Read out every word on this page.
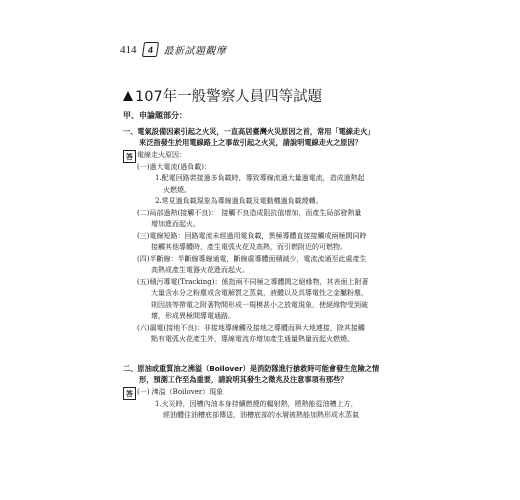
414 4 最新試題觀摩
107年一般警察人員四等試題
甲、申論題部分：
一、電氣設備因素引起之火災，一直高居臺灣火災原因之首，常用「電線走火」
來泛指發生於用電線路上之事故引起之火災，請說明電線走火之原因？
答 電線走火原因：
(一)過大電流(過負載)：
1.配電回路裝接過多負載時，導致導線流通大量過電流，造成過熱起
火燃燒。
2.常見過負載現象為導線過負載及電動機過負載燒轉。
(二)局部過熱(接觸不良)：　接觸不良造成阻抗值增加，而產生局部發熱量
增加進而起火。
(三)電線短路：回路電流未經過用電負載，異極導體直接接觸或兩極間同時
接觸其他導體時，產生電弧火花及高熱，而引燃附近的可燃物。
(四)半斷線：半斷線導線通電，斷線處導體面積減少，電流流通至此處產生
高熱或產生電器火花進而起火。
(五)積污導電(Tracking)：係指兩不同極之導體間之絕緣物，其表面上附著
大量含水分之粉塵或含電解質之蒸氣，液體以及具導電性之金屬粉塵，
則因該等帶電之附著物間形成一規模甚小之放電現象，使絕緣物受到破
壞，形成異極間導電通路。
(六)漏電(接地不良)：非接地導線觸及接地之導體而與大地連接，除其接觸
點有電弧火花產生外，導線電流亦增加產生通量熱量而起火燃燒。
二、原油或重質油之沸溢（Boilover）是消防隊進行搶救時可能會發生危險之情
形，預測工作至為重要，請說明其發生之徵兆及注意事項有那些？
答 (一) 沸溢（Boilover）現象
1.火災時，因槽內油本身持續燃燒的輻射熱，將熱能從油槽上方，
經油體往油槽底部傳送，油槽底部的水層被熱能加熱形成水蒸氣
